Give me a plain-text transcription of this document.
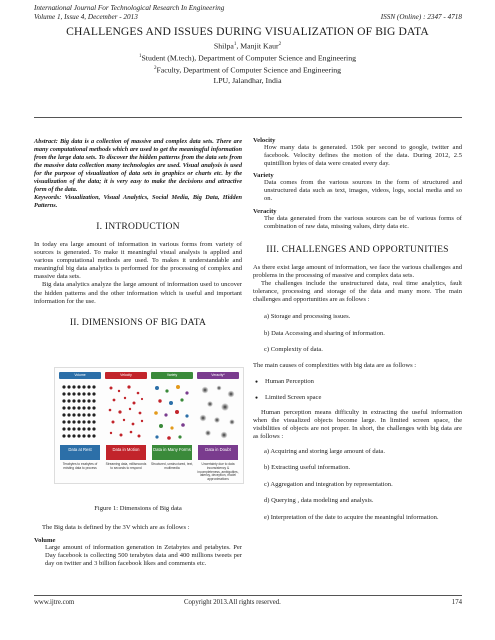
International Journal For Technological Research In Engineering
Volume 1, Issue 4, December - 2013	ISSN (Online) : 2347 - 4718
CHALLENGES AND ISSUES DURING VISUALIZATION OF BIG DATA
Shilpa$^1$, Manjit Kaur$^2$
$^1$Student (M.tech), Department of Computer Science and Engineering
$^2$Faculty, Department of Computer Science and Engineering
LPU, Jalandhar, India
Abstract: Big data is a collection of massive and complex data sets. There are many computational methods which are used to get the meaningful information from the large data sets. To discover the hidden patterns from the data sets from the massive data collection many technologies are used. Visual analysis is used for the purpose of visualization of data sets in graphics or charts etc. by the visualization of the data; it is very easy to make the decisions and attractive form of the data.
Keywords: Visualization, Visual Analytics, Social Media, Big Data, Hidden Patterns.
I. INTRODUCTION
In today era large amount of information in various forms from variety of sources is generated. To make it meaningful visual analysis is applied and various computational methods are used. To makes it understandable and meaningful big data analytics is performed for the processing of complex and massive data sets.
Big data analytics analyze the large amount of information used to uncover the hidden patterns and the other information which is useful and important information for the use.
II. DIMENSIONS OF BIG DATA
Volume
Data at Rest
Terabytes to exabytes of existing data to process
Velocity
Data in Motion
Streaming data, milliseconds to seconds to respond
Variety
Data in Many Forms
Structured, unstructured, text, multimedia
Veracity*
Data in Doubt
Uncertainty due to data inconsistency & incompleteness, ambiguities, latency, deception, model approximations
Figure 1: Dimensions of Big data
The Big data is defined by the 3V which are as follows :
Volume
Large amount of information generation in Zetabytes and petabytes. Per Day facebook is collecting 500 terabytes data and 400 millions tweets per day on twitter and 3 billion facebook likes and comments etc.
Velocity
How many data is generated. 150k per second to google, twitter and facebook. Velocity defines the motion of the data. During 2012, 2.5 quintillion bytes of data were created every day.
Variety
Data comes from the various sources in the form of structured and unstructured data such as text, images, videos, logs, social media and so on.
Veracity
The data generated from the various sources can be of various forms of combination of raw data, missing values, dirty data etc.
III. CHALLENGES AND OPPORTUNITIES
As there exist large amount of information, we face the various challenges and problems in the processing of massive and complex data sets.
The challenges include the unstructured data, real time analytics, fault tolerance, processing and storage of the data and many more. The main challenges and opportunities are as follows :
a) Storage and processing issues.
b) Data Accessing and sharing of information.
c) Complexity of data.
The main causes of complexities with big data are as follows :
● Human Perception
● Limited Screen space
Human perception means difficulty in extracting the useful information when the visualized objects become large. In limited screen space, the visibilities of objects are not proper. In short, the challenges with big data are as follows :
a) Acquiring and storing large amount of data.
b) Extracting useful information.
c) Aggregation and integration by representation.
d) Querying , data modeling and analysis.
e) Interpretation of the date to acquire the meaningful information.
www.ijtre.com	Copyright 2013.All rights reserved.	174
